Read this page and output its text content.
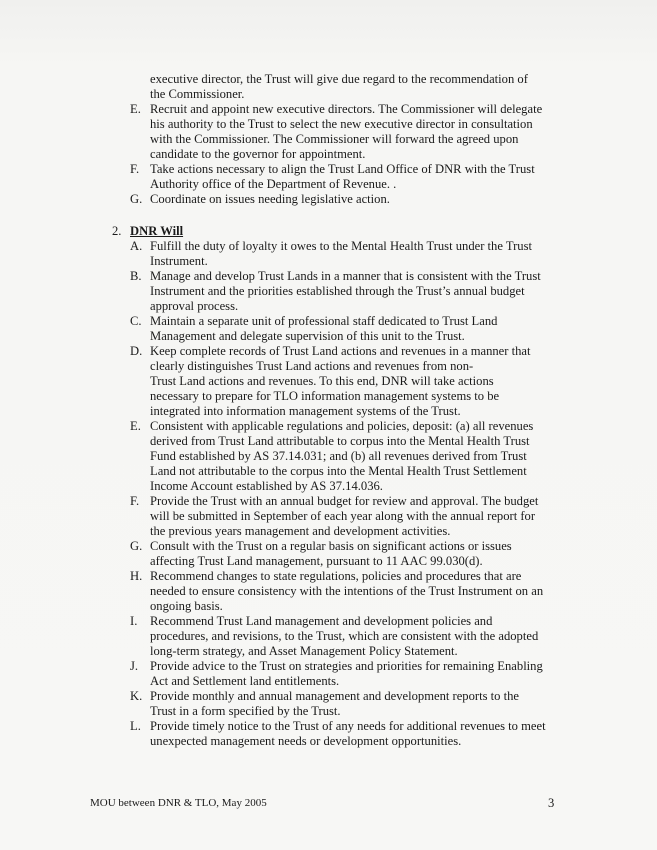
executive director, the Trust will give due regard to the recommendation of
the Commissioner.
E. Recruit and appoint new executive directors. The Commissioner will delegate
his authority to the Trust to select the new executive director in consultation
with the Commissioner. The Commissioner will forward the agreed upon
candidate to the governor for appointment.
F. Take actions necessary to align the Trust Land Office of DNR with the Trust
Authority office of the Department of Revenue. .
G. Coordinate on issues needing legislative action.
2. DNR Will
A. Fulfill the duty of loyalty it owes to the Mental Health Trust under the Trust
Instrument.
B. Manage and develop Trust Lands in a manner that is consistent with the Trust
Instrument and the priorities established through the Trust’s annual budget
approval process.
C. Maintain a separate unit of professional staff dedicated to Trust Land
Management and delegate supervision of this unit to the Trust.
D. Keep complete records of Trust Land actions and revenues in a manner that
clearly distinguishes Trust Land actions and revenues from non-
Trust Land actions and revenues. To this end, DNR will take actions
necessary to prepare for TLO information management systems to be
integrated into information management systems of the Trust.
E. Consistent with applicable regulations and policies, deposit: (a) all revenues
derived from Trust Land attributable to corpus into the Mental Health Trust
Fund established by AS 37.14.031; and (b) all revenues derived from Trust
Land not attributable to the corpus into the Mental Health Trust Settlement
Income Account established by AS 37.14.036.
F. Provide the Trust with an annual budget for review and approval. The budget
will be submitted in September of each year along with the annual report for
the previous years management and development activities.
G. Consult with the Trust on a regular basis on significant actions or issues
affecting Trust Land management, pursuant to 11 AAC 99.030(d).
H. Recommend changes to state regulations, policies and procedures that are
needed to ensure consistency with the intentions of the Trust Instrument on an
ongoing basis.
I. Recommend Trust Land management and development policies and
procedures, and revisions, to the Trust, which are consistent with the adopted
long-term strategy, and Asset Management Policy Statement.
J. Provide advice to the Trust on strategies and priorities for remaining Enabling
Act and Settlement land entitlements.
K. Provide monthly and annual management and development reports to the
Trust in a form specified by the Trust.
L. Provide timely notice to the Trust of any needs for additional revenues to meet
unexpected management needs or development opportunities.
MOU between DNR & TLO, May 2005	3
